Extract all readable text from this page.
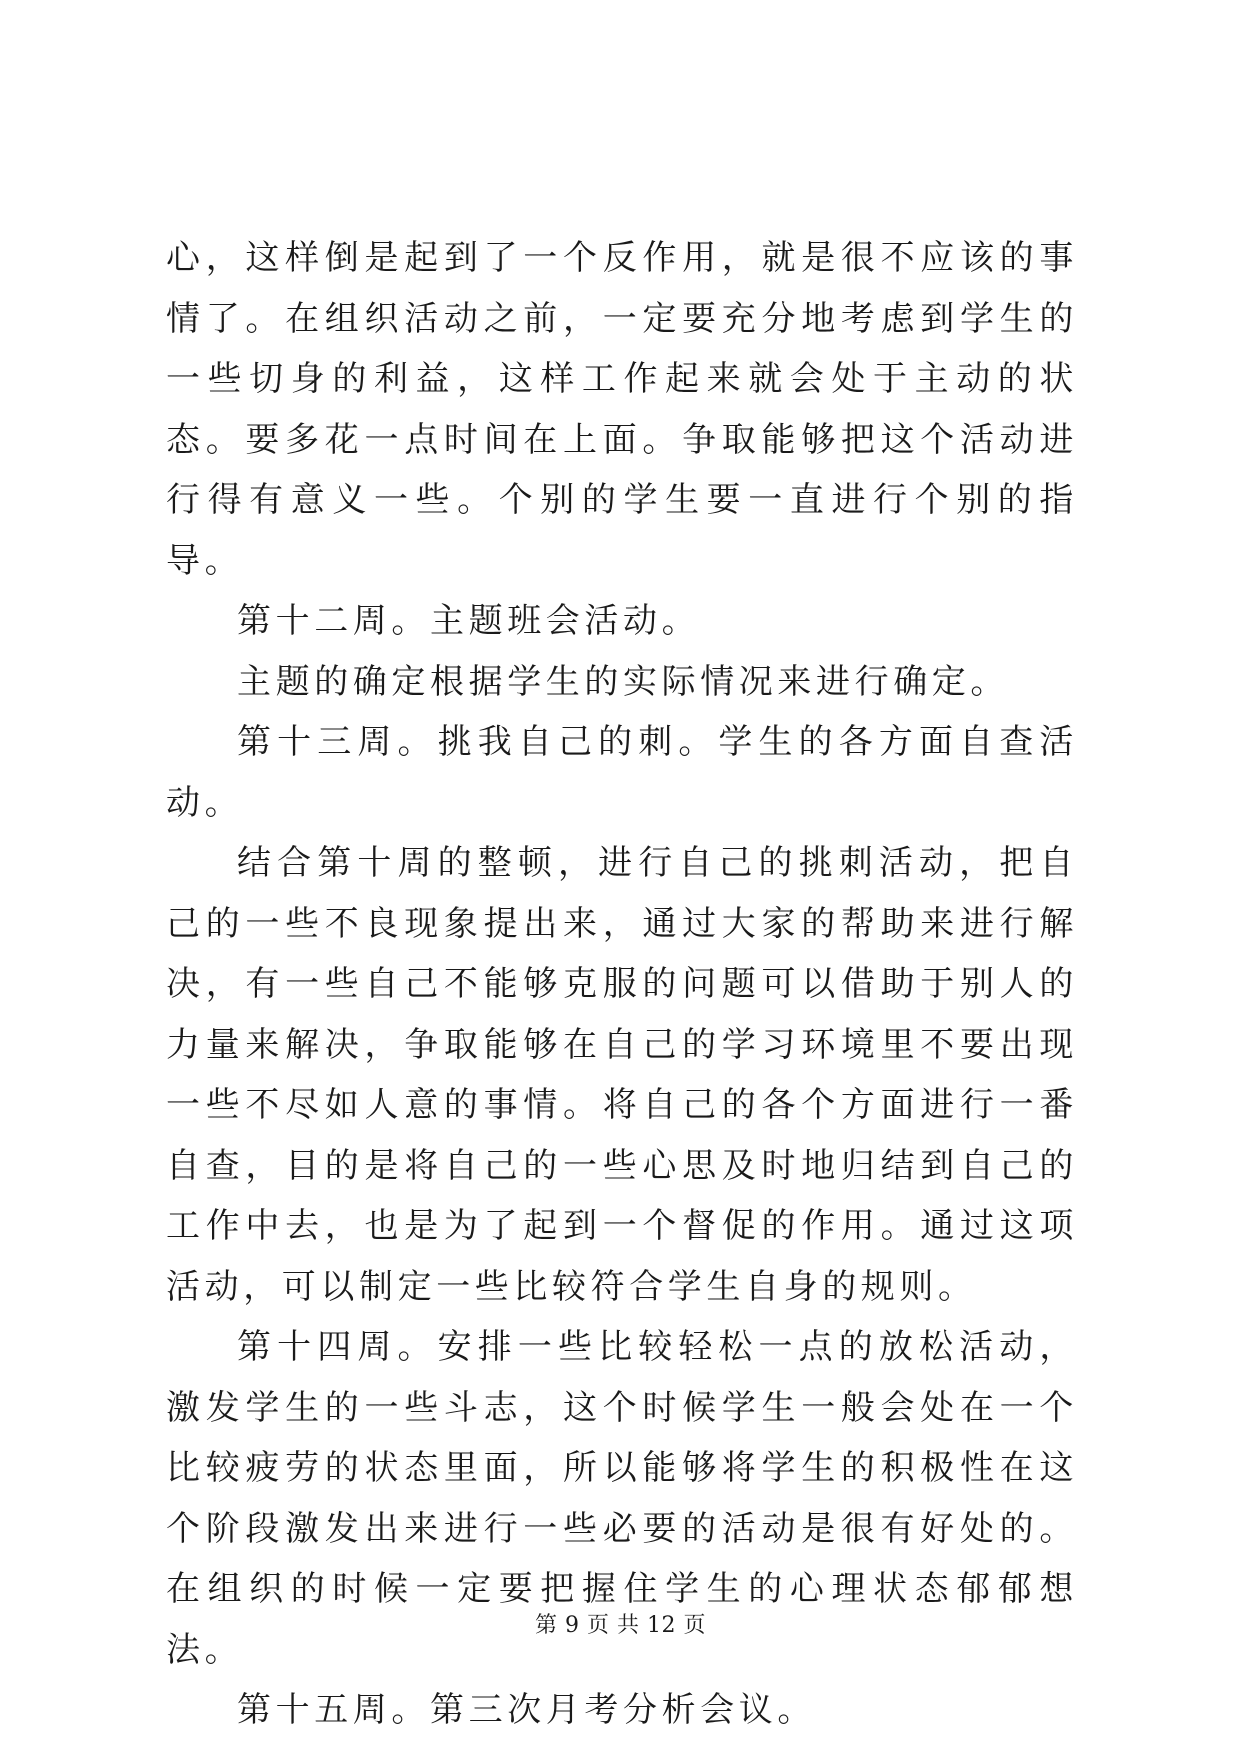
心，这样倒是起到了一个反作用，就是很不应该的事情了。在组织活动之前，一定要充分地考虑到学生的一些切身的利益，这样工作起来就会处于主动的状态。要多花一点时间在上面。争取能够把这个活动进行得有意义一些。个别的学生要一直进行个别的指导。

第十二周。主题班会活动。

主题的确定根据学生的实际情况来进行确定。

第十三周。挑我自己的刺。学生的各方面自查活动。

结合第十周的整顿，进行自己的挑刺活动，把自己的一些不良现象提出来，通过大家的帮助来进行解决，有一些自己不能够克服的问题可以借助于别人的力量来解决，争取能够在自己的学习环境里不要出现一些不尽如人意的事情。将自己的各个方面进行一番自查，目的是将自己的一些心思及时地归结到自己的工作中去，也是为了起到一个督促的作用。通过这项活动，可以制定一些比较符合学生自身的规则。

第十四周。安排一些比较轻松一点的放松活动，激发学生的一些斗志，这个时候学生一般会处在一个比较疲劳的状态里面，所以能够将学生的积极性在这个阶段激发出来进行一些必要的活动是很有好处的。在组织的时候一定要把握住学生的心理状态郁郁想法。

第十五周。第三次月考分析会议。

第 9 页 共 12 页
